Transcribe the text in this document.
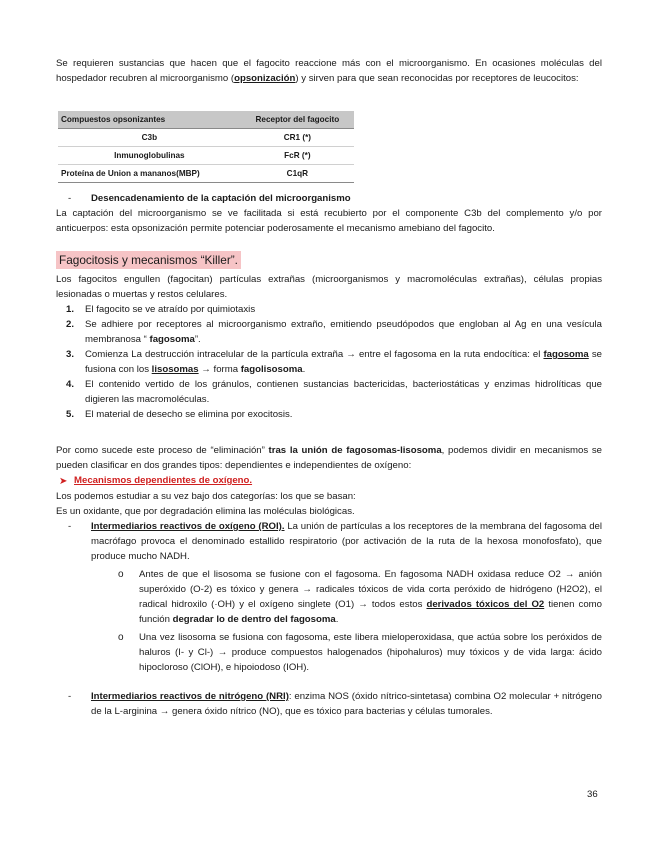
Se requieren sustancias que hacen que el fagocito reaccione más con el microorganismo. En ocasiones moléculas del hospedador recubren al microorganismo (opsonización) y sirven para que sean reconocidas por receptores de leucocitos:

Compuestos opsonizantes	Receptor del fagocito
C3b	CR1 (*)
Inmunoglobulinas	FcR (*)
Proteína de Union a mananos(MBP)	C1qR
-	Desencadenamiento de la captación del microorganismo

La captación del microorganismo se ve facilitada si está recubierto por el componente C3b del complemento y/o por anticuerpos: esta opsonización permite potenciar poderosamente el mecanismo amebiano del fagocito.

Fagocitosis y mecanismos “Killer”.

Los fagocitos engullen (fagocitan) partículas extrañas (microorganismos y macromoléculas extrañas), células propias lesionadas o muertas y restos celulares.

1. El fagocito se ve atraído por quimiotaxis
2. Se adhiere por receptores al microorganismo extraño, emitiendo pseudópodos que engloban al Ag en una vesícula membranosa “ fagosoma”.
3. Comienza La destrucción intracelular de la partícula extraña → entre el fagosoma en la ruta endocítica: el fagosoma se fusiona con los lisosomas → forma fagolisosoma.
4. El contenido vertido de los gránulos, contienen sustancias bactericidas, bacteriostáticas y enzimas hidrolíticas que digieren las macromoléculas.
5. El material de desecho se elimina por exocitosis.

Por como sucede este proceso de “eliminación” tras la unión de fagosomas-lisosoma, podemos dividir en mecanismos se pueden clasificar en dos grandes tipos: dependientes e independientes de oxígeno:

➤ Mecanismos dependientes de oxígeno.

Los podemos estudiar a su vez bajo dos categorías: los que se basan:

Es un oxidante, que por degradación elimina las moléculas biológicas.

-	Intermediarios reactivos de oxígeno (ROI). La unión de partículas a los receptores de la membrana del fagosoma del macrófago provoca el denominado estallido respiratorio (por activación de la ruta de la hexosa monofosfato), que produce mucho NADH.
o	Antes de que el lisosoma se fusione con el fagosoma. En fagosoma NADH oxidasa reduce O2 → anión superóxido (O-2) es tóxico y genera → radicales tóxicos de vida corta peróxido de hidrógeno (H2O2), el radical hidroxilo (·OH) y el oxígeno singlete (O1) → todos estos derivados tóxicos del O2 tienen como función degradar lo de dentro del fagosoma.
o	Una vez lisosoma se fusiona con fagosoma, este libera mieloperoxidasa, que actúa sobre los peróxidos de haluros (I- y Cl-) → produce compuestos halogenados (hipohaluros) muy tóxicos y de vida larga: ácido hipocloroso (ClOH), e hipoiodoso (IOH).
-	Intermediarios reactivos de nitrógeno (NRI): enzima NOS (óxido nítrico-sintetasa) combina O2 molecular + nitrógeno de la L-arginina → genera óxido nítrico (NO), que es tóxico para bacterias y células tumorales.
36
